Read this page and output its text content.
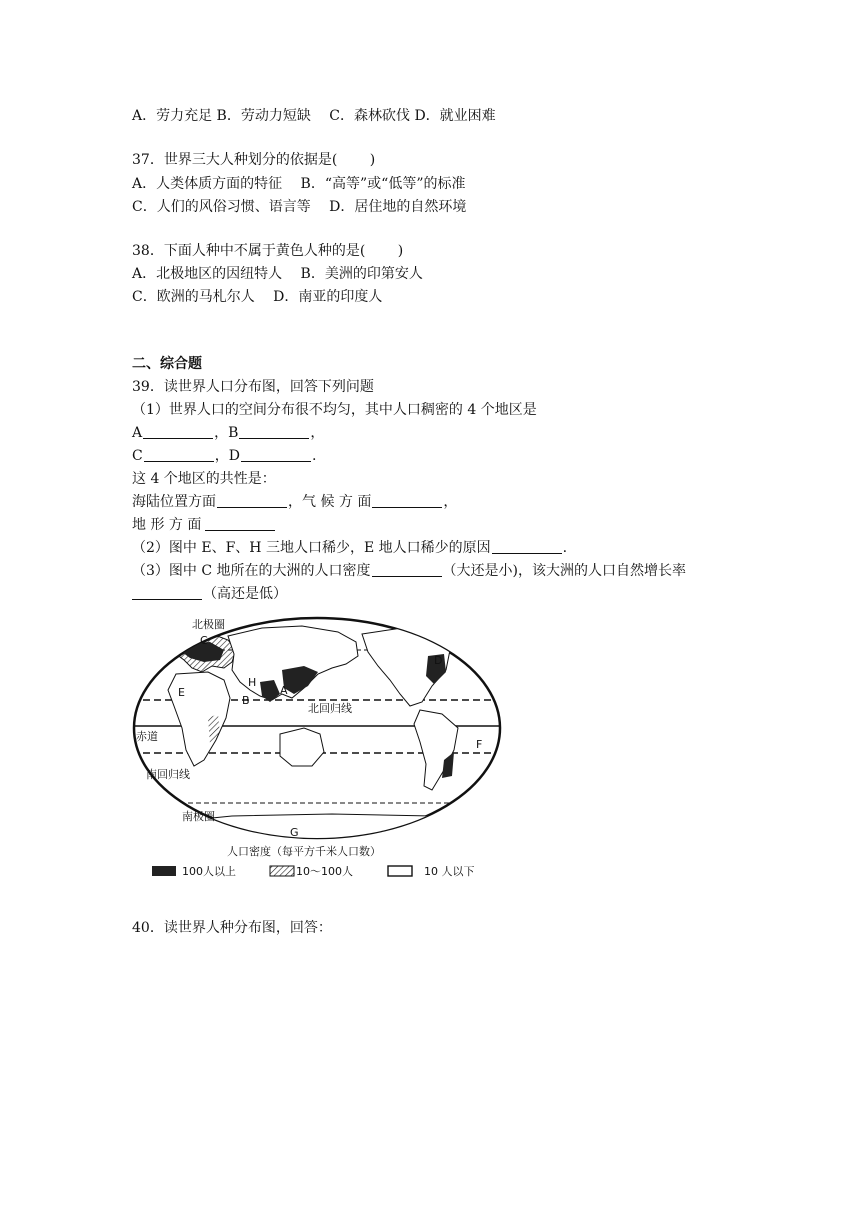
A．劳力充足 B．劳动力短缺　 C．森林砍伐 D．就业困难
37．世界三大人种划分的依据是(　　 )
A．人类体质方面的特征　 B．“高等”或“低等”的标准
C．人们的风俗习惯、语言等　 D．居住地的自然环境
38．下面人种中不属于黄色人种的是(　　 )
A．北极地区的因纽特人　 B．美洲的印第安人
C．欧洲的马札尔人　 D．南亚的印度人
二、综合题
39．读世界人口分布图，回答下列问题
（1）世界人口的空间分布很不均匀，其中人口稠密的 4 个地区是
A	，B	，
C	，D	.
这 4 个地区的共性是：
海陆位置方面	，气 候 方 面	，
地 形 方 面
（2）图中 E、F、H 三地人口稀少，E 地人口稀少的原因	.
（3）图中 C 地所在的大洲的人口密度	（大还是小)，该大洲的人口自然增长率
（高还是低）
北极圈
北回归线
赤道
南回归线
南极圈
A
B
C
D
E
F
G
H
人口密度（每平方千米人口数）
100人以上	10～100人	10 人以下
40．读世界人种分布图，回答：
